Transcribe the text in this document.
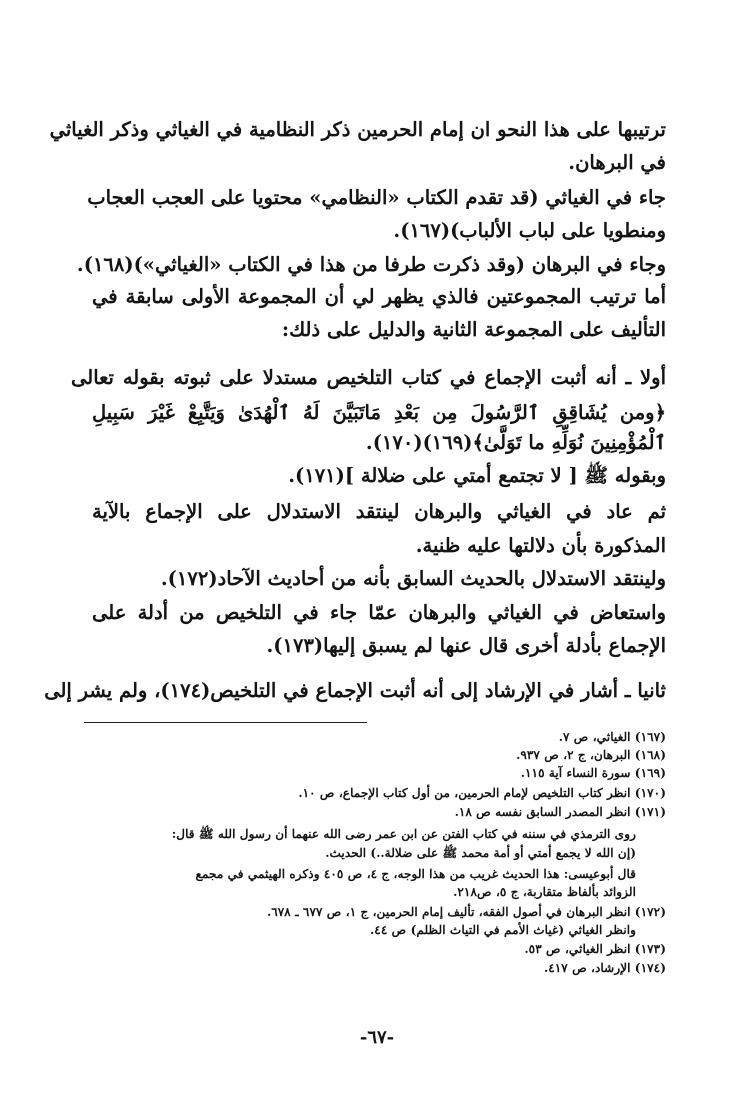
ترتيبها على هذا النحو ان إمام الحرمين ذكر النظامية في الغياثي وذكر الغياثي
في البرهان.
جاء في الغياثي (قد تقدم الكتاب «النظامي» محتويا على العجب العجاب
ومنطويا على لباب الألباب)(١٦٧).
وجاء في البرهان (وقد ذكرت طرفا من هذا في الكتاب «الغياثي»)(١٦٨).
أما ترتيب المجموعتين فالذي يظهر لي أن المجموعة الأولى سابقة في
التأليف على المجموعة الثانية والدليل على ذلك:
أولا ـ أنه أثبت الإجماع في كتاب التلخيص مستدلا على ثبوته بقوله تعالى
﴿ومن يُشَاقِقِ ٱلرَّسُولَ مِن بَعْدِ مَاتَبَيَّنَ لَهُ ٱلْهُدَىٰ وَيَتَّبِعْ غَيْرَ سَبِيلِ
ٱلْمُؤْمِنِينَ نُوَلِّهِ ما تَوَلَّىٰ﴾(١٦٩)(١٧٠).
وبقوله ﷺ [ لا تجتمع أمتي على ضلالة ](١٧١).
ثم عاد في الغياثي والبرهان لينتقد الاستدلال على الإجماع بالآية
المذكورة بأن دلالتها عليه ظنية.
ولينتقد الاستدلال بالحديث السابق بأنه من أحاديث الآحاد(١٧٢).
واستعاض في الغياثي والبرهان عمّا جاء في التلخيص من أدلة على
الإجماع بأدلة أخرى قال عنها لم يسبق إليها(١٧٣).
ثانيا ـ أشار في الإرشاد إلى أنه أثبت الإجماع في التلخيص(١٧٤)، ولم يشر إلى
(١٦٧) الغياثي، ص ٧.
(١٦٨) البرهان، ج ٢، ص ٩٣٧.
(١٦٩) سورة النساء آية ١١٥.
(١٧٠) انظر كتاب التلخيص لإمام الحرمين، من أول كتاب الإجماع، ص ١٠.
(١٧١) انظر المصدر السابق نفسه ص ١٨.
روى الترمذي في سننه في كتاب الفتن عن ابن عمر رضى الله عنهما أن رسول الله ﷺ قال:
(إن الله لا يجمع أمتي أو أمة محمد ﷺ على ضلالة..) الحديث.
قال أبوعيسى: هذا الحديث غريب من هذا الوجه، ج ٤، ص ٤٠٥ وذكره الهيثمي في مجمع
الزوائد بألفاظ متقاربة، ج ٥، ص٢١٨.
(١٧٢) انظر البرهان في أصول الفقه، تأليف إمام الحرمين، ج ١، ص ٦٧٧ ـ ٦٧٨.
وانظر الغياثي (غياث الأمم في التياث الظلم) ص ٤٤.
(١٧٣) انظر الغياثي، ص ٥٣.
(١٧٤) الإرشاد، ص ٤١٧.
-٦٧-
